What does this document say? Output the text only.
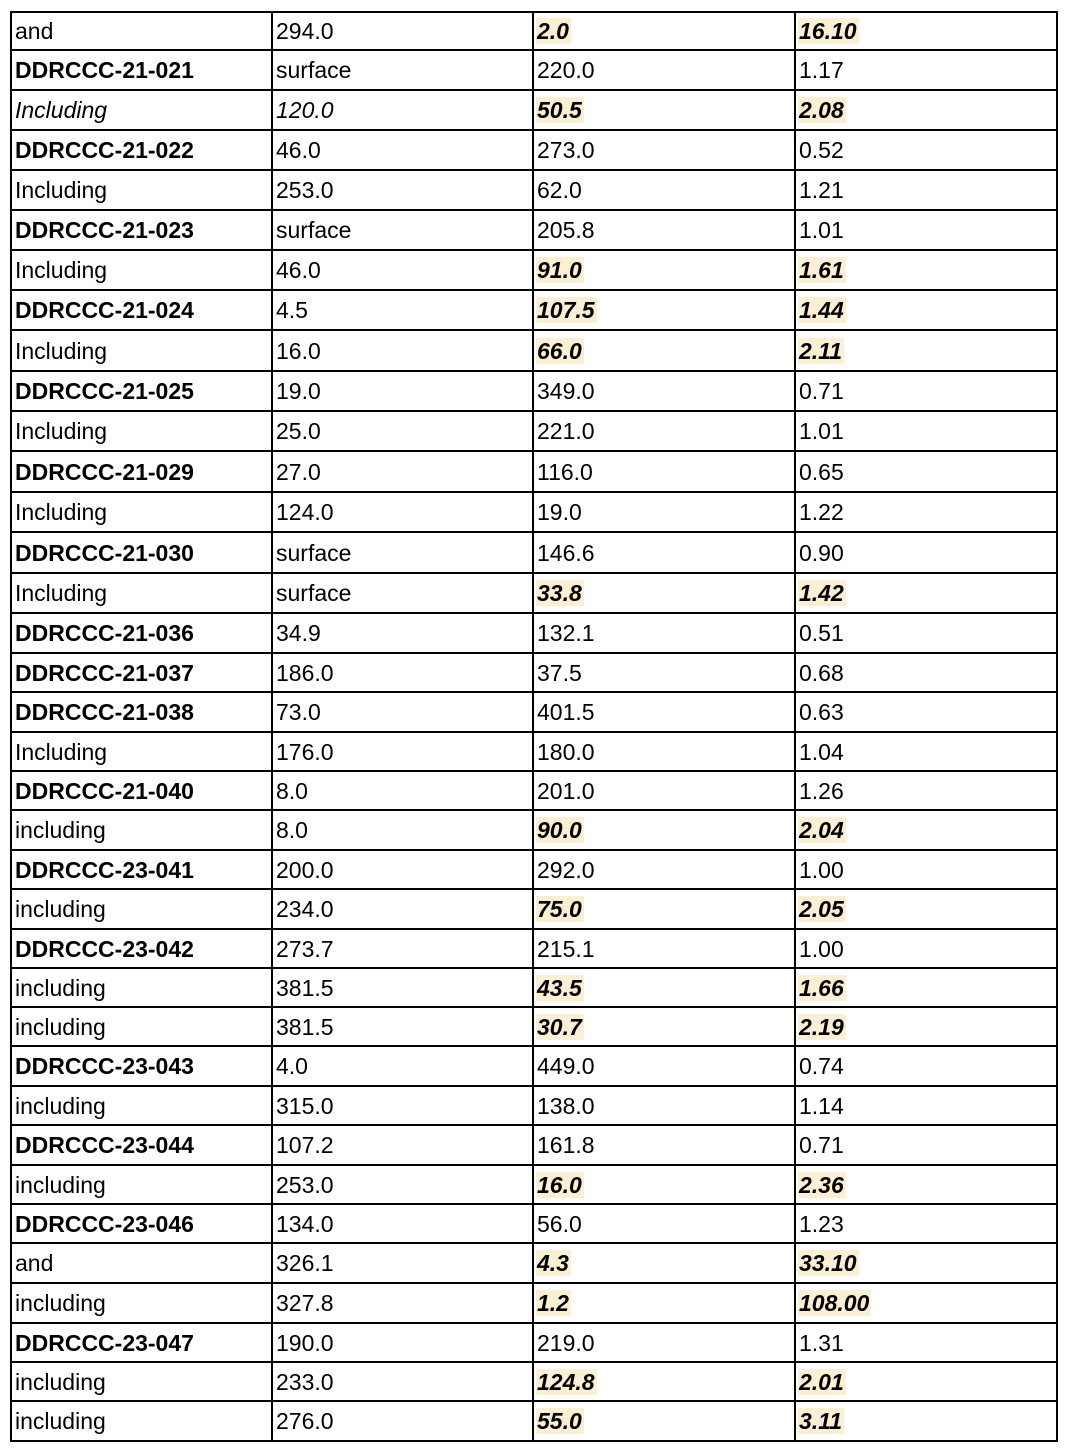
and	294.0	2.0	16.10
DDRCCC-21-021	surface	220.0	1.17
Including	120.0	50.5	2.08
DDRCCC-21-022	46.0	273.0	0.52
Including	253.0	62.0	1.21
DDRCCC-21-023	surface	205.8	1.01
Including	46.0	91.0	1.61
DDRCCC-21-024	4.5	107.5	1.44
Including	16.0	66.0	2.11
DDRCCC-21-025	19.0	349.0	0.71
Including	25.0	221.0	1.01
DDRCCC-21-029	27.0	116.0	0.65
Including	124.0	19.0	1.22
DDRCCC-21-030	surface	146.6	0.90
Including	surface	33.8	1.42
DDRCCC-21-036	34.9	132.1	0.51
DDRCCC-21-037	186.0	37.5	0.68
DDRCCC-21-038	73.0	401.5	0.63
Including	176.0	180.0	1.04
DDRCCC-21-040	8.0	201.0	1.26
including	8.0	90.0	2.04
DDRCCC-23-041	200.0	292.0	1.00
including	234.0	75.0	2.05
DDRCCC-23-042	273.7	215.1	1.00
including	381.5	43.5	1.66
including	381.5	30.7	2.19
DDRCCC-23-043	4.0	449.0	0.74
including	315.0	138.0	1.14
DDRCCC-23-044	107.2	161.8	0.71
including	253.0	16.0	2.36
DDRCCC-23-046	134.0	56.0	1.23
and	326.1	4.3	33.10
including	327.8	1.2	108.00
DDRCCC-23-047	190.0	219.0	1.31
including	233.0	124.8	2.01
including	276.0	55.0	3.11
